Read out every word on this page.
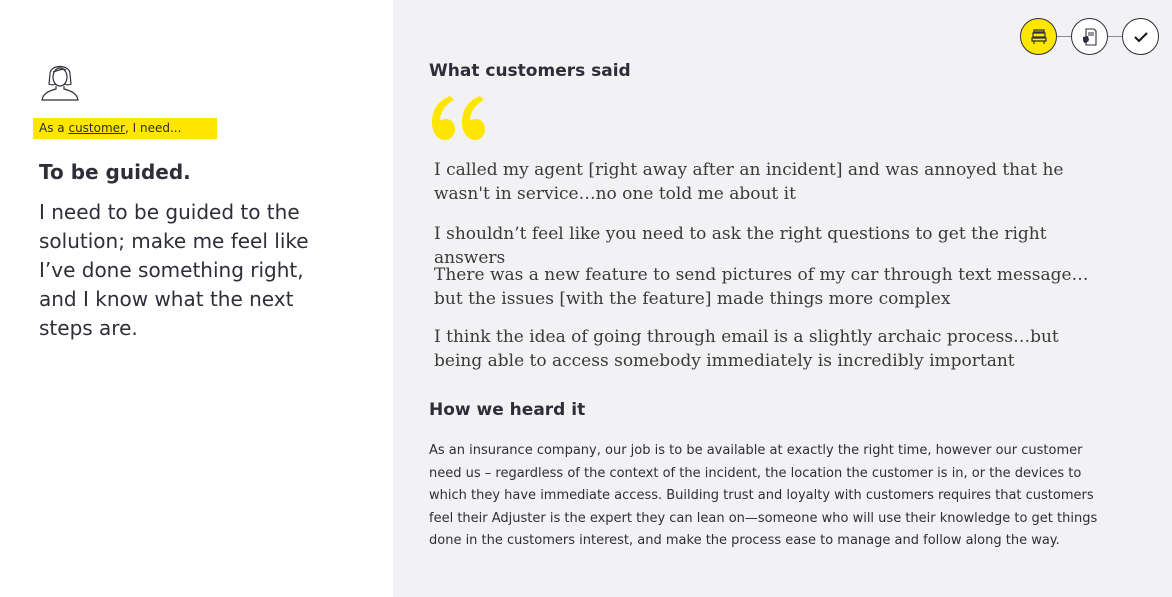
As a customer, I need...
To be guided.
I need to be guided to the solution; make me feel like I’ve done something right, and I know what the next steps are.
What customers said
I called my agent [right away after an incident] and was annoyed that he wasn't in service…no one told me about it
I shouldn’t feel like you need to ask the right questions to get the right answers
There was a new feature to send pictures of my car through text message…but the issues [with the feature] made things more complex
I think the idea of going through email is a slightly archaic process…but being able to access somebody immediately is incredibly important
How we heard it
As an insurance company, our job is to be available at exactly the right time, however our customer need us – regardless of the context of the incident, the location the customer is in, or the devices to which they have immediate access. Building trust and loyalty with customers requires that customers feel their Adjuster is the expert they can lean on—someone who will use their knowledge to get things done in the customers interest, and make the process ease to manage and follow along the way.
